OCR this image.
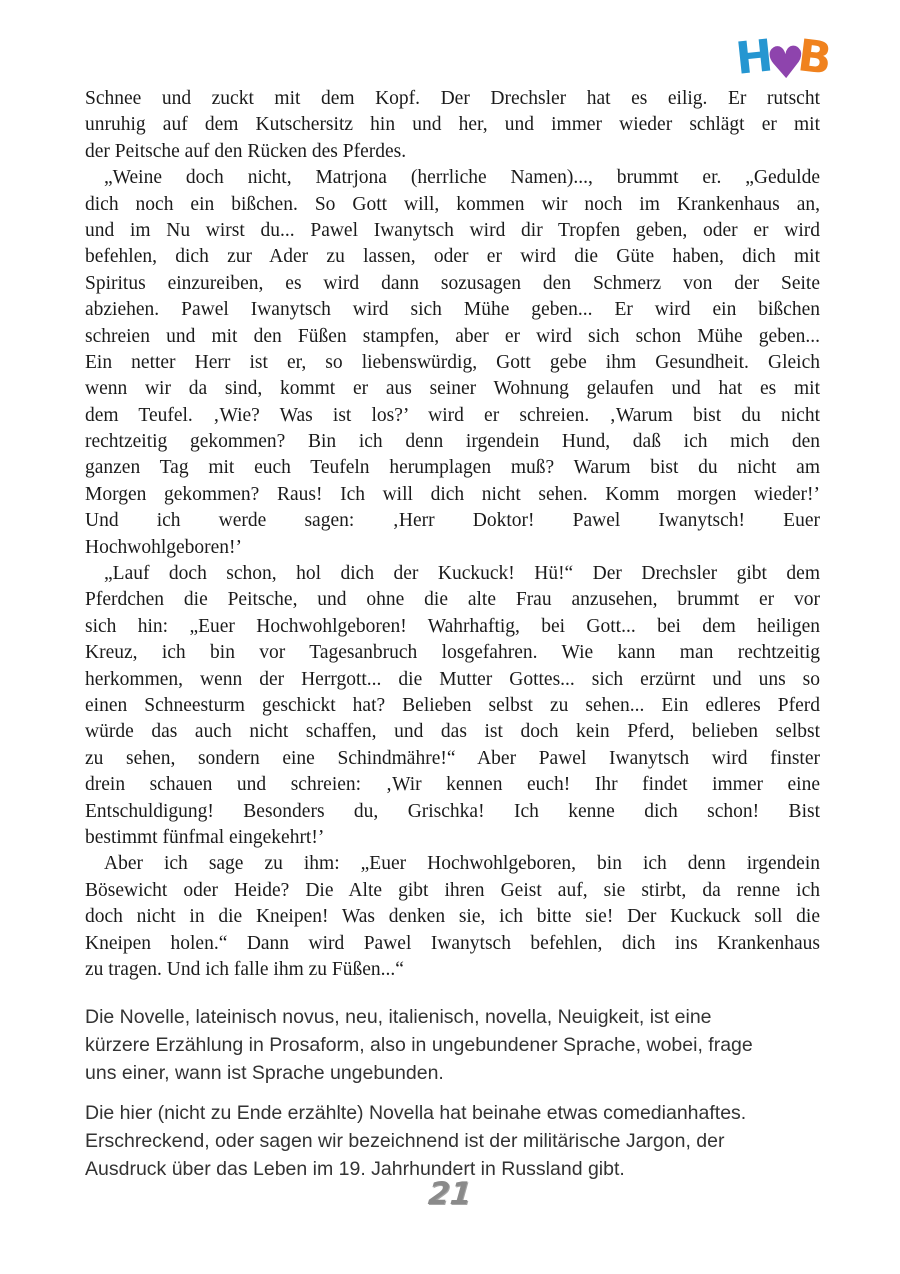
H
♥
B
Schnee und zuckt mit dem Kopf. Der Drechsler hat es eilig. Er rutscht
unruhig auf dem Kutschersitz hin und her, und immer wieder schlägt er mit
der Peitsche auf den Rücken des Pferdes.
„Weine doch nicht, Matrjona (herrliche Namen)..., brummt er. „Gedulde
dich noch ein bißchen. So Gott will, kommen wir noch im Krankenhaus an,
und im Nu wirst du... Pawel Iwanytsch wird dir Tropfen geben, oder er wird
befehlen, dich zur Ader zu lassen, oder er wird die Güte haben, dich mit
Spiritus einzureiben, es wird dann sozusagen den Schmerz von der Seite
abziehen. Pawel Iwanytsch wird sich Mühe geben... Er wird ein bißchen
schreien und mit den Füßen stampfen, aber er wird sich schon Mühe geben...
Ein netter Herr ist er, so liebenswürdig, Gott gebe ihm Gesundheit. Gleich
wenn wir da sind, kommt er aus seiner Wohnung gelaufen und hat es mit
dem Teufel. ‚Wie? Was ist los?’ wird er schreien. ‚Warum bist du nicht
rechtzeitig gekommen? Bin ich denn irgendein Hund, daß ich mich den
ganzen Tag mit euch Teufeln herumplagen muß? Warum bist du nicht am
Morgen gekommen? Raus! Ich will dich nicht sehen. Komm morgen wieder!’
Und ich werde sagen: ‚Herr Doktor! Pawel Iwanytsch! Euer
Hochwohlgeboren!’
„Lauf doch schon, hol dich der Kuckuck! Hü!“ Der Drechsler gibt dem
Pferdchen die Peitsche, und ohne die alte Frau anzusehen, brummt er vor
sich hin: „Euer Hochwohlgeboren! Wahrhaftig, bei Gott... bei dem heiligen
Kreuz, ich bin vor Tagesanbruch losgefahren. Wie kann man rechtzeitig
herkommen, wenn der Herrgott... die Mutter Gottes... sich erzürnt und uns so
einen Schneesturm geschickt hat? Belieben selbst zu sehen... Ein edleres Pferd
würde das auch nicht schaffen, und das ist doch kein Pferd, belieben selbst
zu sehen, sondern eine Schindmähre!“ Aber Pawel Iwanytsch wird finster
drein schauen und schreien: ‚Wir kennen euch! Ihr findet immer eine
Entschuldigung! Besonders du, Grischka! Ich kenne dich schon! Bist
bestimmt fünfmal eingekehrt!’
Aber ich sage zu ihm: „Euer Hochwohlgeboren, bin ich denn irgendein
Bösewicht oder Heide? Die Alte gibt ihren Geist auf, sie stirbt, da renne ich
doch nicht in die Kneipen! Was denken sie, ich bitte sie! Der Kuckuck soll die
Kneipen holen.“ Dann wird Pawel Iwanytsch befehlen, dich ins Krankenhaus
zu tragen. Und ich falle ihm zu Füßen...“
Die Novelle, lateinisch novus, neu, italienisch, novella, Neuigkeit, ist eine
kürzere Erzählung in Prosaform, also in ungebundener Sprache, wobei, frage
uns einer, wann ist Sprache ungebunden.
Die hier (nicht zu Ende erzählte) Novella hat beinahe etwas comedianhaftes.
Erschreckend, oder sagen wir bezeichnend ist der militärische Jargon, der
Ausdruck über das Leben im 19. Jahrhundert in Russland gibt.
21
